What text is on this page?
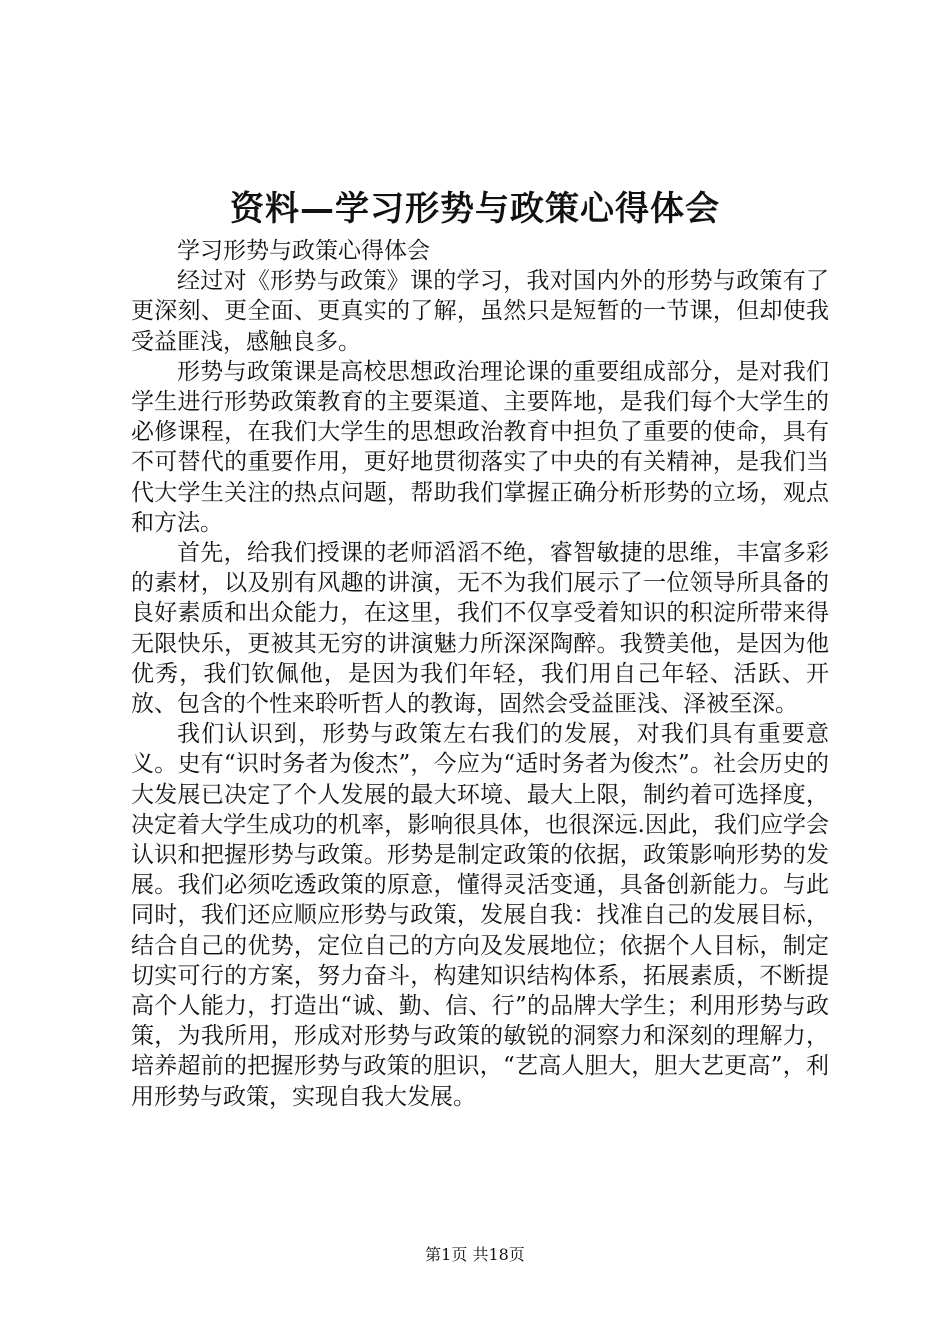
资料—学习形势与政策心得体会

学习形势与政策心得体会

经过对《形势与政策》课的学习，我对国内外的形势与政策有了更深刻、更全面、更真实的了解，虽然只是短暂的一节课，但却使我受益匪浅，感触良多。

形势与政策课是高校思想政治理论课的重要组成部分，是对我们学生进行形势政策教育的主要渠道、主要阵地，是我们每个大学生的必修课程，在我们大学生的思想政治教育中担负了重要的使命，具有不可替代的重要作用，更好地贯彻落实了中央的有关精神，是我们当代大学生关注的热点问题，帮助我们掌握正确分析形势的立场，观点和方法。

首先，给我们授课的老师滔滔不绝，睿智敏捷的思维，丰富多彩的素材，以及别有风趣的讲演，无不为我们展示了一位领导所具备的良好素质和出众能力，在这里，我们不仅享受着知识的积淀所带来得无限快乐，更被其无穷的讲演魅力所深深陶醉。我赞美他，是因为他优秀，我们钦佩他，是因为我们年轻，我们用自己年轻、活跃、开放、包含的个性来聆听哲人的教诲，固然会受益匪浅、泽被至深。

我们认识到，形势与政策左右我们的发展，对我们具有重要意义。史有“识时务者为俊杰”，今应为“适时务者为俊杰”。社会历史的大发展已决定了个人发展的最大环境、最大上限，制约着可选择度，决定着大学生成功的机率，影响很具体，也很深远.因此，我们应学会认识和把握形势与政策。形势是制定政策的依据，政策影响形势的发展。我们必须吃透政策的原意，懂得灵活变通，具备创新能力。与此同时，我们还应顺应形势与政策，发展自我：找准自己的发展目标，结合自己的优势，定位自己的方向及发展地位；依据个人目标，制定切实可行的方案，努力奋斗，构建知识结构体系，拓展素质，不断提高个人能力，打造出“诚、勤、信、行”的品牌大学生；利用形势与政策，为我所用，形成对形势与政策的敏锐的洞察力和深刻的理解力，培养超前的把握形势与政策的胆识，“艺高人胆大，胆大艺更高”，利用形势与政策，实现自我大发展。

第1页 共18页
